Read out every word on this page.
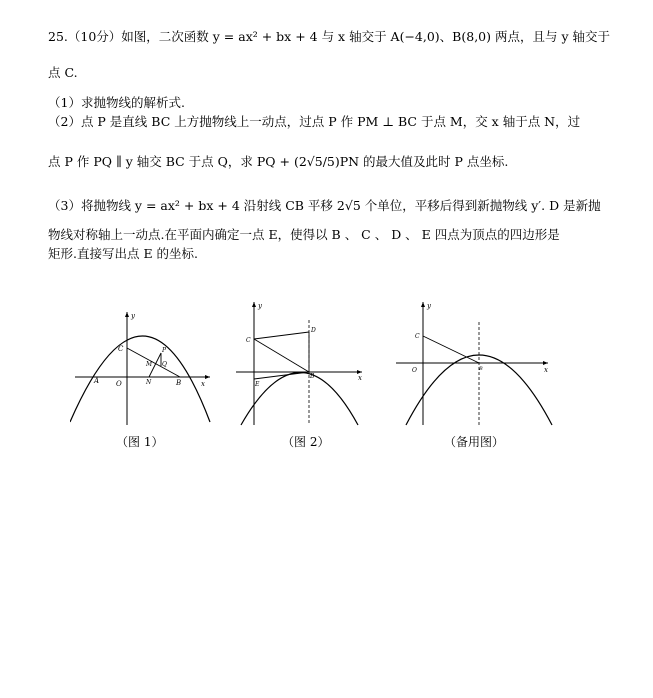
25.（10分）如图，二次函数 y = ax² + bx + 4 与 x 轴交于 A(−4,0)、B(8,0) 两点，且与 y 轴交于
点 C.
（1）求抛物线的解析式.
（2）点 P 是直线 BC 上方抛物线上一动点，过点 P 作 PM ⊥ BC 于点 M，交 x 轴于点 N，过
点 P 作 PQ ∥ y 轴交 BC 于点 Q，求 PQ + (2√5/5)PN 的最大值及此时 P 点坐标.
（3）将抛物线 y = ax² + bx + 4 沿射线 CB 平移 2√5 个单位，平移后得到新抛物线 y′. D 是新抛
物线对称轴上一动点.在平面内确定一点 E，使得以 B 、 C 、 D 、 E 四点为顶点的四边形是
矩形.直接写出点 E 的坐标.
y
x
C	P
M Q
A O	N	B
y
x
C
D
E
B
y
x
C
O	B
（图 1）	（图 2）	（备用图）
